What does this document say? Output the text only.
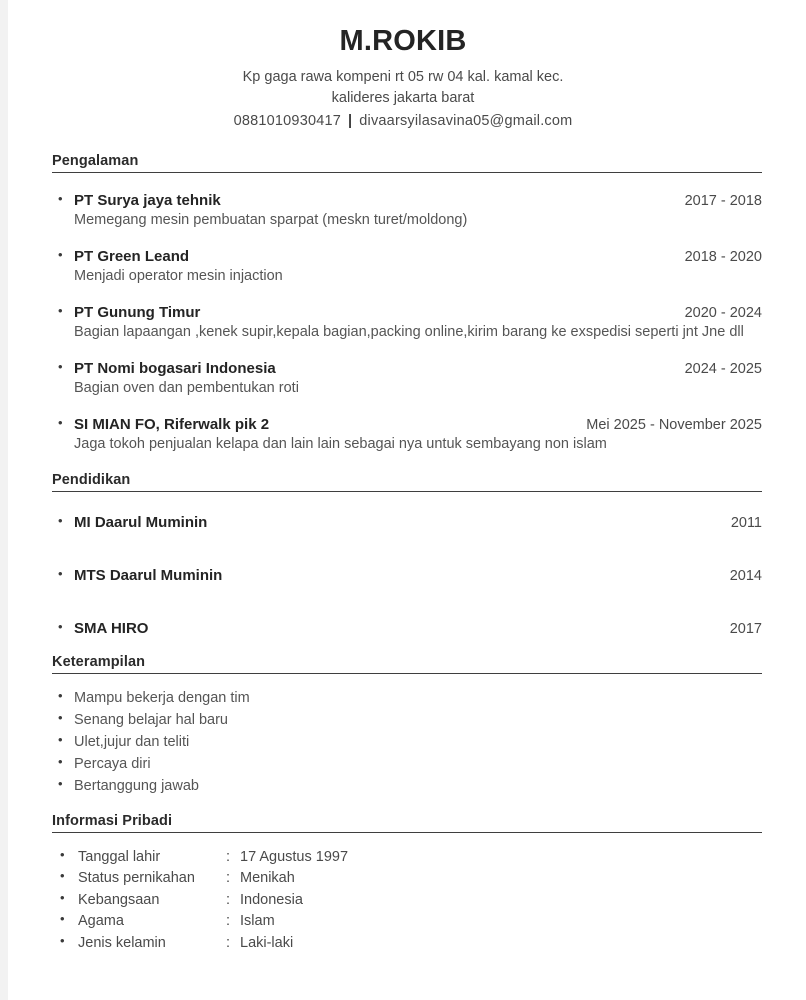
M.ROKIB
Kp gaga rawa kompeni rt 05 rw 04 kal. kamal kec.
kalideres jakarta barat
0881010930417 | divaarsyilasavina05@gmail.com
Pengalaman
• PT Surya jaya tehnik	2017 - 2018
Memegang mesin pembuatan sparpat (meskn turet/moldong)
• PT Green Leand	2018 - 2020
Menjadi operator mesin injaction
• PT Gunung Timur	2020 - 2024
Bagian lapaangan ,kenek supir,kepala bagian,packing online,kirim barang ke exspedisi seperti jnt Jne dll
• PT Nomi bogasari Indonesia	2024 - 2025
Bagian oven dan pembentukan roti
• SI MIAN FO, Riferwalk pik 2	Mei 2025 - November 2025
Jaga tokoh penjualan kelapa dan lain lain sebagai nya untuk sembayang non islam
Pendidikan
• MI Daarul Muminin	2011
• MTS Daarul Muminin	2014
• SMA HIRO	2017
Keterampilan
• Mampu bekerja dengan tim
• Senang belajar hal baru
• Ulet,jujur dan teliti
• Percaya diri
• Bertanggung jawab
Informasi Pribadi
• Tanggal lahir	: 17 Agustus 1997
• Status pernikahan	: Menikah
• Kebangsaan	: Indonesia
• Agama	: Islam
• Jenis kelamin	: Laki-laki
